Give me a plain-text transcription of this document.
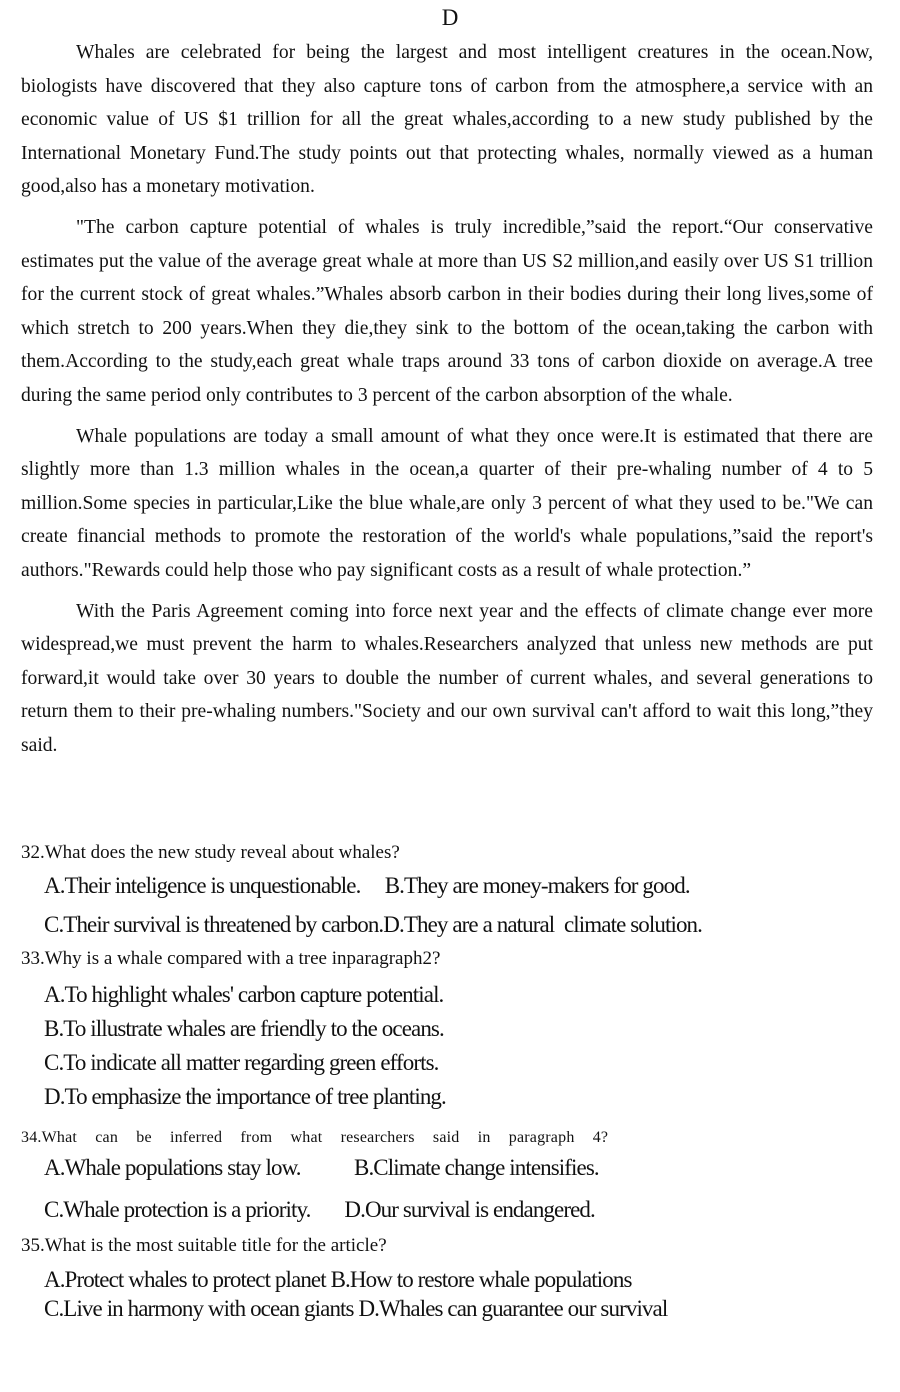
D

Whales are celebrated for being the largest and most intelligent creatures in the ocean.Now, biologists have discovered that they also capture tons of carbon from the atmosphere,a service with an economic value of US $1 trillion for all the great whales,according to a new study published by the International Monetary Fund.The study points out that protecting whales, normally viewed as a human good,also has a monetary motivation.

"The carbon capture potential of whales is truly incredible,”said the report.“Our conservative estimates put the value of the average great whale at more than US S2 million,and easily over US S1 trillion for the current stock of great whales.”Whales absorb carbon in their bodies during their long lives,some of which stretch to 200 years.When they die,they sink to the bottom of the ocean,taking the carbon with them.According to the study,each great whale traps around 33 tons of carbon dioxide on average.A tree during the same period only contributes to 3 percent of the carbon absorption of the whale.

Whale populations are today a small amount of what they once were.It is estimated that there are slightly more than 1.3 million whales in the ocean,a quarter of their pre-whaling number of 4 to 5 million.Some species in particular,Like the blue whale,are only 3 percent of what they used to be."We can create financial methods to promote the restoration of the world's whale populations,”said the report's authors."Rewards could help those who pay significant costs as a result of whale protection.”

With the Paris Agreement coming into force next year and the effects of climate change ever more widespread,we must prevent the harm to whales.Researchers analyzed that unless new methods are put forward,it would take over 30 years to double the number of current whales, and several generations to return them to their pre-whaling numbers."Society and our own survival can't afford to wait this long,”they said.

32.What does the new study reveal about whales?
A.Their inteligence is unquestionable.     B.They are money-makers for good.
C.Their survival is threatened by carbon.D.They are a natural  climate solution.
33.Why is a whale compared with a tree inparagraph2?
A.To highlight whales' carbon capture potential.
B.To illustrate whales are friendly to the oceans.
C.To indicate all matter regarding green efforts.
D.To emphasize the importance of tree planting.
34.What can be inferred from what researchers said in paragraph 4?
A.Whale populations stay low.           B.Climate change intensifies.
C.Whale protection is a priority.       D.Our survival is endangered.
35.What is the most suitable title for the article?
A.Protect whales to protect planet B.How to restore whale populations
C.Live in harmony with ocean giants D.Whales can guarantee our survival
